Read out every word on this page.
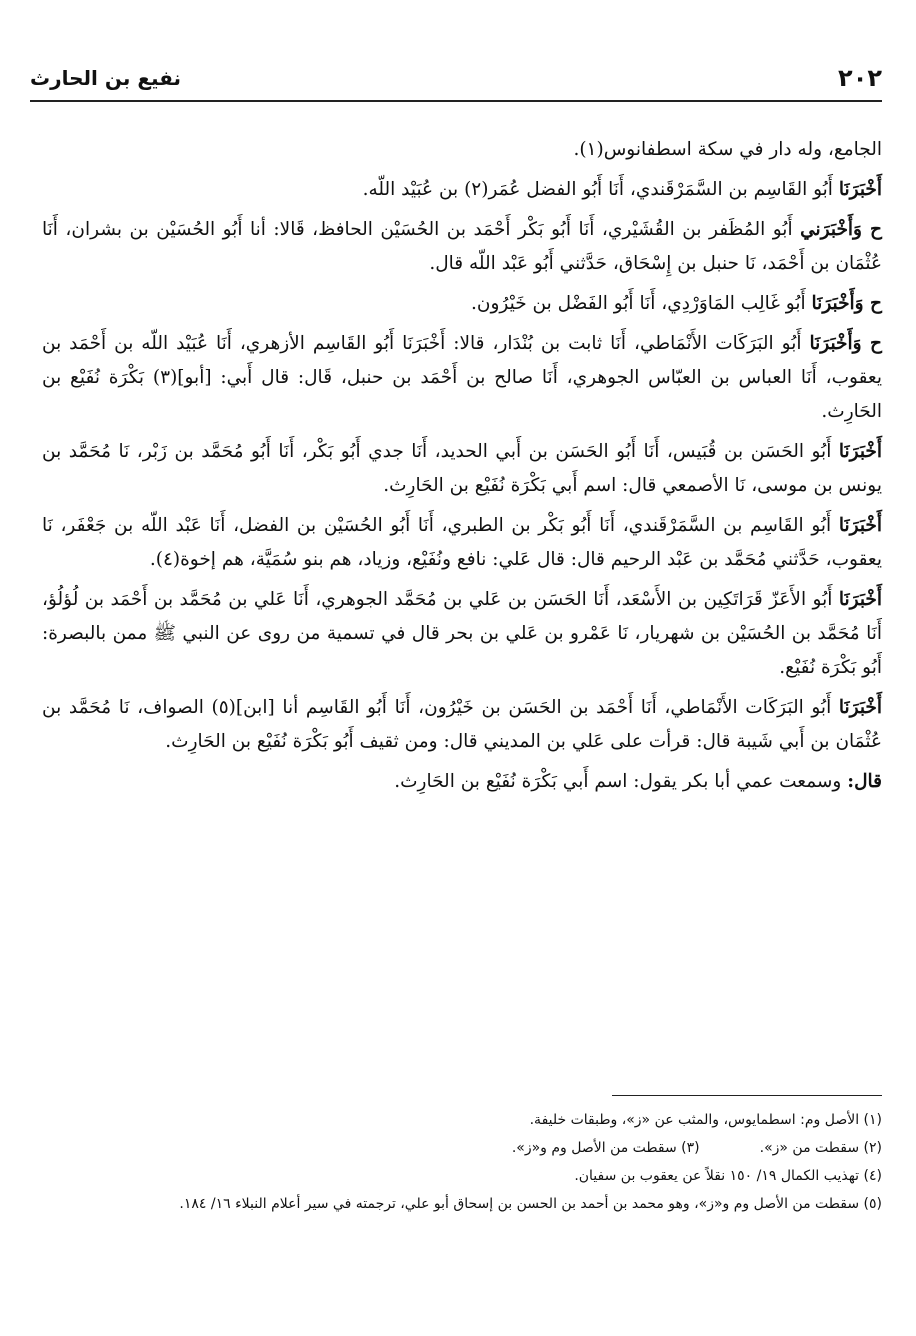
٢٠٢
نفيع بن الحارث

الجامع، وله دار في سكة اسطفانوس(١).

أَخْبَرَنَا أَبُو القَاسِم بن السَّمَرْقَندي، أَنَا أَبُو الفضل عُمَر(٢) بن عُبَيْد اللّه.

ح وَأَخْبَرَني أَبُو المُظَفر بن القُشَيْري، أَنَا أَبُو بَكْر أَحْمَد بن الحُسَيْن الحافظ، قَالا: أنا أَبُو الحُسَيْن بن بشران، أَنَا عُثْمَان بن أَحْمَد، نَا حنبل بن إِسْحَاق، حَدَّثني أَبُو عَبْد اللّه قال.

ح وَأَخْبَرَنَا أَبُو غَالِب المَاوَرْدِي، أَنَا أَبُو الفَضْل بن خَيْرُون.

ح وَأَخْبَرَنَا أَبُو البَرَكَات الأَنْمَاطي، أَنَا ثابت بن بُنْدَار، قالا: أَخْبَرَنَا أَبُو القَاسِم الأزهري، أَنَا عُبَيْد اللّه بن أَحْمَد بن يعقوب، أَنَا العباس بن العبّاس الجوهري، أَنَا صالح بن أَحْمَد بن حنبل، قَال: قال أَبي: [أبو](٣) بَكْرَة نُفَيْع بن الحَارِث.

أَخْبَرَنَا أَبُو الحَسَن بن قُبَيس، أَنَا أَبُو الحَسَن بن أَبي الحديد، أَنَا جدي أَبُو بَكْر، أَنَا أَبُو مُحَمَّد بن زَبْر، نَا مُحَمَّد بن يونس بن موسى، نَا الأصمعي قال: اسم أَبي بَكْرَة نُفَيْع بن الحَارِث.

أَخْبَرَنَا أَبُو القَاسِم بن السَّمَرْقَندي، أَنَا أَبُو بَكْر بن الطبري، أَنَا أَبُو الحُسَيْن بن الفضل، أَنَا عَبْد اللّه بن جَعْفَر، نَا يعقوب، حَدَّثني مُحَمَّد بن عَبْد الرحيم قال: قال عَلي: نافع ونُفَيْع، وزياد، هم بنو سُمَيَّة، هم إخوة(٤).

أَخْبَرَنَا أَبُو الأَعَزّ قَرَاتَكِين بن الأَسْعَد، أَنَا الحَسَن بن عَلي بن مُحَمَّد الجوهري، أَنَا عَلي بن مُحَمَّد بن أَحْمَد بن لُؤلُؤ، أَنَا مُحَمَّد بن الحُسَيْن بن شهريار، نَا عَمْرو بن عَلي بن بحر قال في تسمية من روى عن النبي ﷺ ممن بالبصرة: أَبُو بَكْرَة نُفَيْع.

أَخْبَرَنَا أَبُو البَرَكَات الأَنْمَاطي، أَنَا أَحْمَد بن الحَسَن بن خَيْرُون، أَنَا أَبُو القَاسِم أنا [ابن](٥) الصواف، نَا مُحَمَّد بن عُثْمَان بن أَبي شَيبة قال: قرأت على عَلي بن المديني قال: ومن ثقيف أَبُو بَكْرَة نُفَيْع بن الحَارِث.

قال: وسمعت عمي أبا بكر يقول: اسم أَبي بَكْرَة نُفَيْع بن الحَارِث.

(١) الأصل وم: اسطمايوس، والمثب عن «ز»، وطبقات خليفة.

(٢) سقطت من «ز».

(٣) سقطت من الأصل وم و«ز».

(٤) تهذيب الكمال ١٩/ ١٥٠ نقلاً عن يعقوب بن سفيان.

(٥) سقطت من الأصل وم و«ز»، وهو محمد بن أحمد بن الحسن بن إسحاق أبو علي، ترجمته في سير أعلام النبلاء ١٦/ ١٨٤.
